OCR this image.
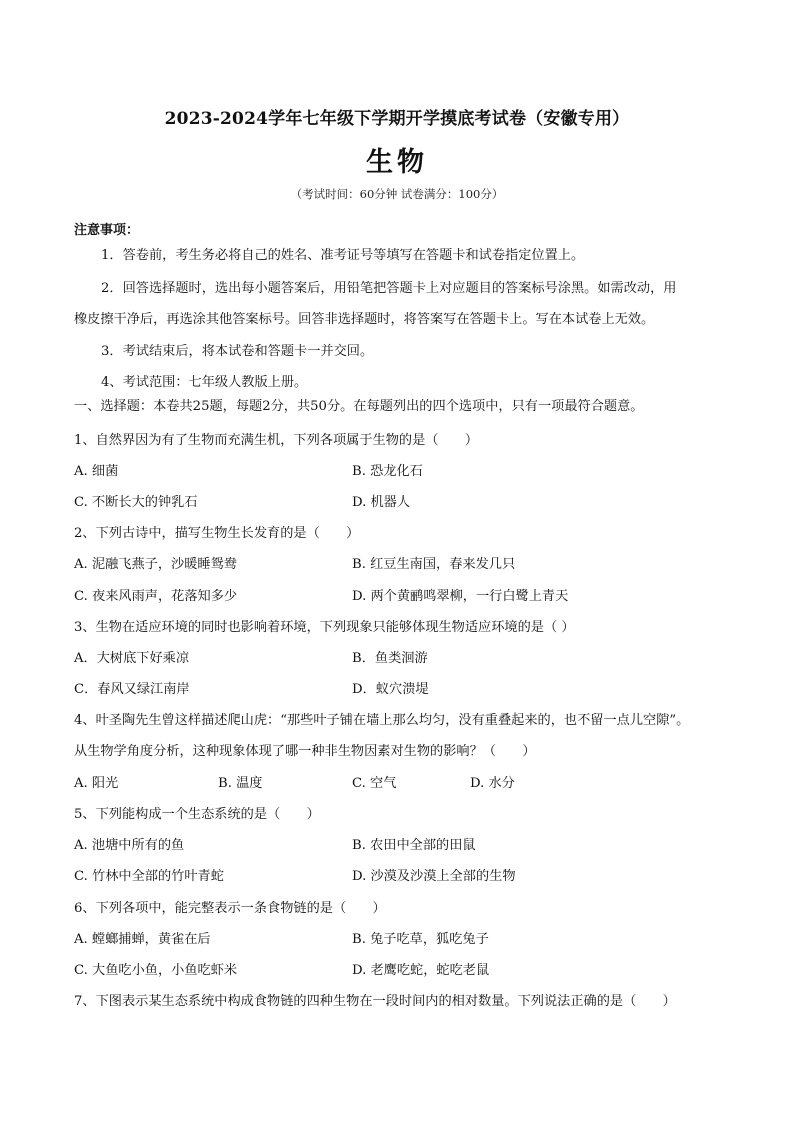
2023-2024学年七年级下学期开学摸底考试卷（安徽专用）
生物
（考试时间：60分钟 试卷满分：100分）
注意事项：
1．答卷前，考生务必将自己的姓名、准考证号等填写在答题卡和试卷指定位置上。
2．回答选择题时，选出每小题答案后，用铅笔把答题卡上对应题目的答案标号涂黑。如需改动，用
橡皮擦干净后，再选涂其他答案标号。回答非选择题时，将答案写在答题卡上。写在本试卷上无效。
3．考试结束后，将本试卷和答题卡一并交回。
4、考试范围：七年级人教版上册。
一、选择题：本卷共25题，每题2分，共50分。在每题列出的四个选项中，只有一项最符合题意。
1、自然界因为有了生物而充满生机，下列各项属于生物的是（　　）
A. 细菌	B. 恐龙化石
C. 不断长大的钟乳石	D. 机器人
2、下列古诗中，描写生物生长发育的是（　　）
A. 泥融飞燕子，沙暖睡鸳鸯	B. 红豆生南国，春来发几只
C. 夜来风雨声，花落知多少	D. 两个黄鹂鸣翠柳，一行白鹭上青天
3、生物在适应环境的同时也影响着环境，下列现象只能够体现生物适应环境的是（ ）
A．大树底下好乘凉	B．鱼类洄游
C．春风又绿江南岸	D．蚁穴溃堤
4、叶圣陶先生曾这样描述爬山虎：“那些叶子铺在墙上那么均匀，没有重叠起来的，也不留一点儿空隙”。
从生物学角度分析，这种现象体现了哪一种非生物因素对生物的影响？（　　）
A. 阳光	B. 温度	C. 空气	D. 水分
5、下列能构成一个生态系统的是（　　）
A. 池塘中所有的鱼	B. 农田中全部的田鼠
C. 竹林中全部的竹叶青蛇	D. 沙漠及沙漠上全部的生物
6、下列各项中，能完整表示一条食物链的是（　　）
A. 螳螂捕蝉，黄雀在后	B. 兔子吃草，狐吃兔子
C. 大鱼吃小鱼，小鱼吃虾米	D. 老鹰吃蛇，蛇吃老鼠
7、下图表示某生态系统中构成食物链的四种生物在一段时间内的相对数量。下列说法正确的是（　　）
